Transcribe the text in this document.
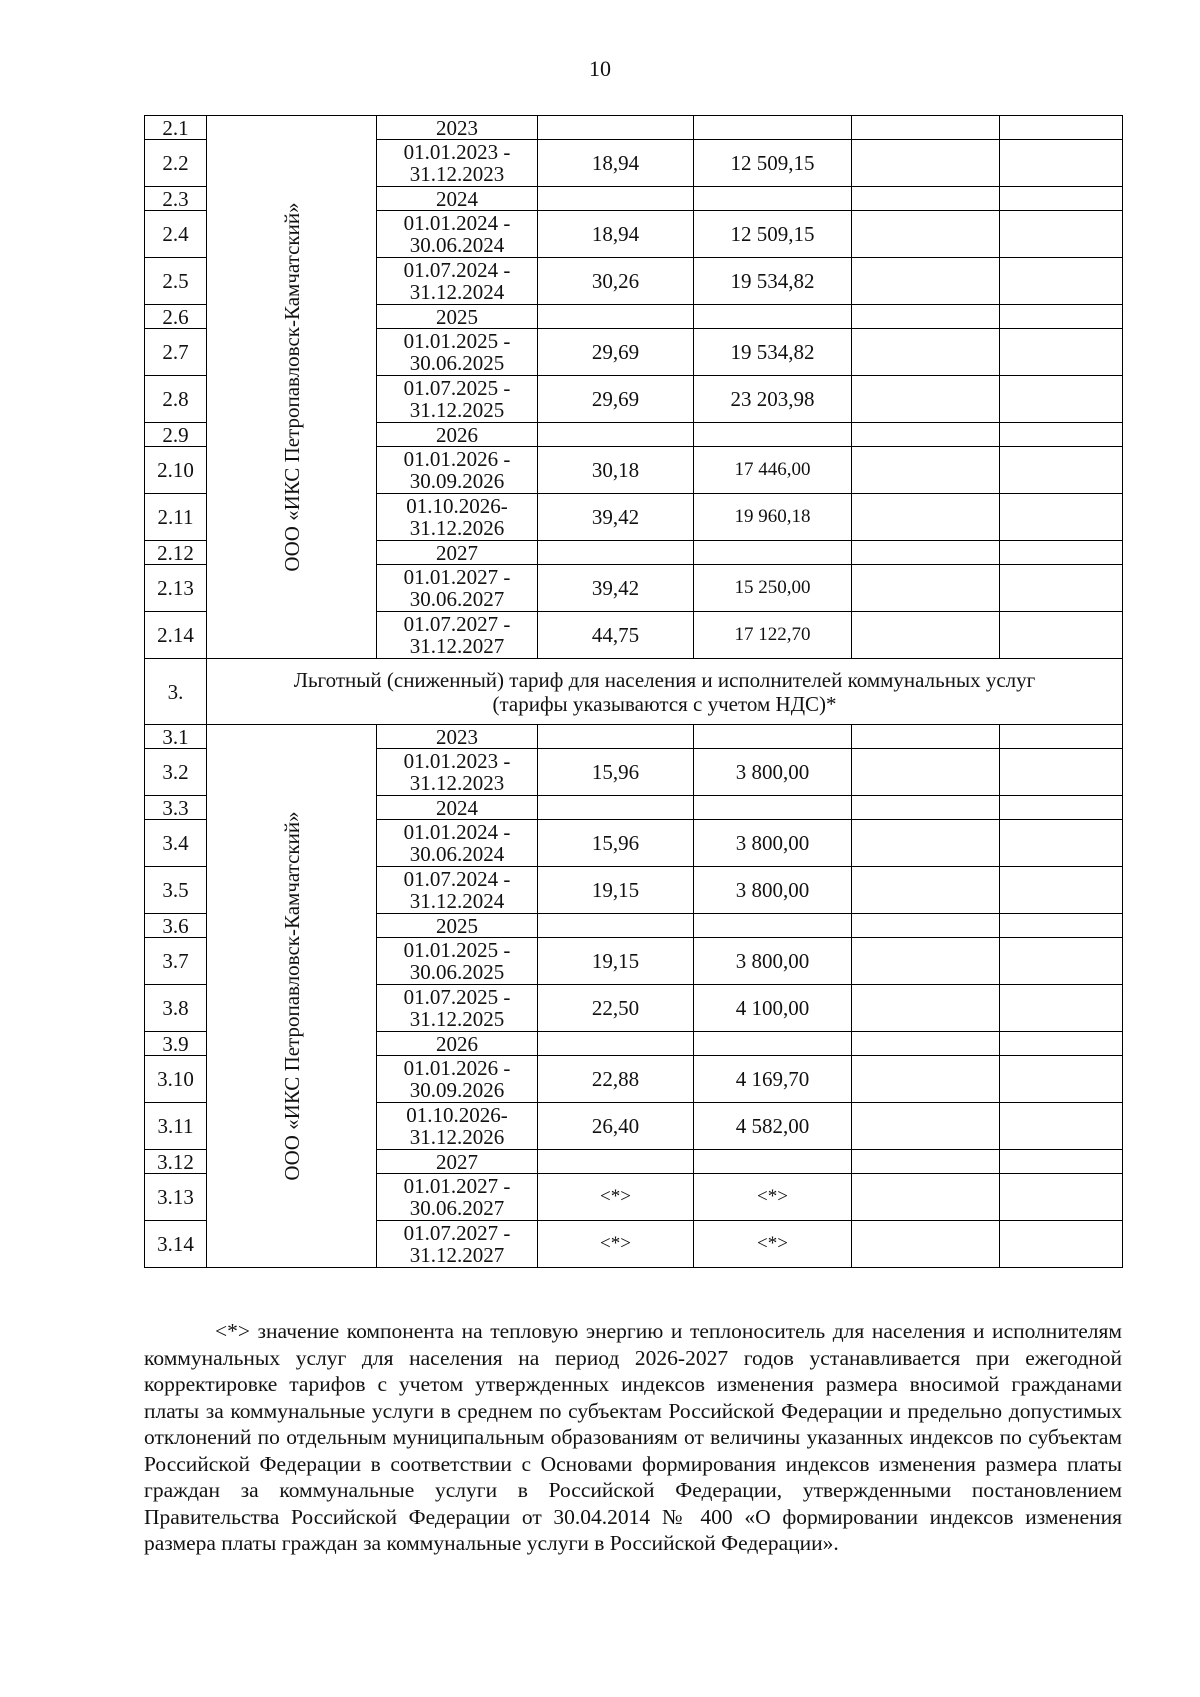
10
2.1	ООО «ИКС Петропавловск-Камчатский»	2023				
2.2		01.01.2023 -
31.12.2023	18,94	12 509,15		
2.3		2024				
2.4		01.01.2024 -
30.06.2024	18,94	12 509,15		
2.5		01.07.2024 -
31.12.2024	30,26	19 534,82		
2.6		2025				
2.7		01.01.2025 -
30.06.2025	29,69	19 534,82		
2.8		01.07.2025 -
31.12.2025	29,69	23 203,98		
2.9		2026				
2.10		01.01.2026 -
30.09.2026	30,18	17 446,00		
2.11		01.10.2026-
31.12.2026	39,42	19 960,18		
2.12		2027				
2.13		01.01.2027 -
30.06.2027	39,42	15 250,00		
2.14		01.07.2027 -
31.12.2027	44,75	17 122,70		
3.	Льготный (сниженный) тариф для населения и исполнителей коммунальных услуг
(тарифы указываются с учетом НДС)*					

3.1	ООО «ИКС Петропавловск-Камчатский»	2023				
3.2		01.01.2023 -
31.12.2023	15,96	3 800,00		
3.3		2024				
3.4		01.01.2024 -
30.06.2024	15,96	3 800,00		
3.5		01.07.2024 -
31.12.2024	19,15	3 800,00		
3.6		2025				
3.7		01.01.2025 -
30.06.2025	19,15	3 800,00		
3.8		01.07.2025 -
31.12.2025	22,50	4 100,00		
3.9		2026				
3.10		01.01.2026 -
30.09.2026	22,88	4 169,70		
3.11		01.10.2026-
31.12.2026	26,40	4 582,00		
3.12		2027				
3.13		01.01.2027 -
30.06.2027	<*>	<*>		
3.14		01.07.2027 -
31.12.2027	<*>	<*>		

<*> значение компонента на тепловую энергию и теплоноситель для населения и исполнителям коммунальных услуг для населения на период 2026-2027 годов устанавливается при ежегодной корректировке тарифов с учетом утвержденных индексов изменения размера вносимой гражданами платы за коммунальные услуги в среднем по субъектам Российской Федерации и предельно допустимых отклонений по отдельным муниципальным образованиям от величины указанных индексов по субъектам Российской Федерации в соответствии с Основами формирования индексов изменения размера платы граждан за коммунальные услуги в Российской Федерации, утвержденными постановлением Правительства Российской Федерации от 30.04.2014 № 400 «О формировании индексов изменения размера платы граждан за коммунальные услуги в Российской Федерации».
